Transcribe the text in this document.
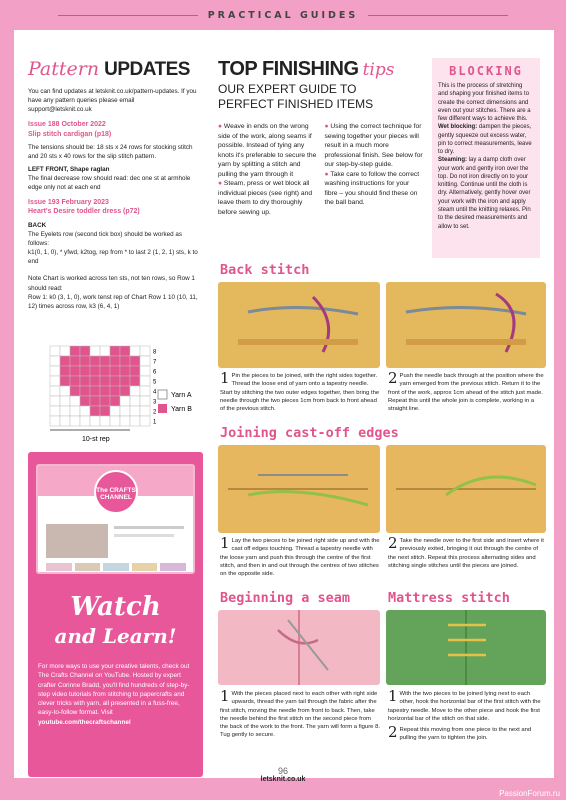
PRACTICAL GUIDES
Pattern UPDATES

You can find updates at letsknit.co.uk/pattern-updates. If you have any pattern queries please email support@letsknit.co.uk

Issue 188 October 2022
Slip stitch cardigan (p18)

The tensions should be: 18 sts x 24 rows for stocking stitch and 20 sts x 40 rows for the slip stitch pattern.

LEFT FRONT, Shape raglan

The final decrease row should read: dec one st at armhole edge only not at each end

Issue 193 February 2023
Heart's Desire toddler dress (p72)

BACK

The Eyelets row (second tick box) should be worked as follows:

k1(0, 1, 0), * yfwd, k2tog, rep from * to last 2 (1, 2, 1) sts, k to end

Note Chart is worked across ten sts, not ten rows, so Row 1 should read:

Row 1: k0 (3, 1, 0), work tenst rep of Chart Row 1 10 (10, 11, 12) times across row, k3 (6, 4, 1)

8
7
6
5
4
3
2
1
10-st rep
Yarn A
Yarn B
The CRAFTS CHANNEL
Watch
and Learn!
For more ways to use your creative talents, check out The Crafts Channel on YouTube. Hosted by expert crafter Corinne Bradd, you'll find hundreds of step-by-step video tutorials from stitching to papercrafts and clever tricks with yarn, all presented in a fuss-free, easy-to-follow format. Visit youtube.com/thecraftschannel
TOP FINISHING tips
OUR EXPERT GUIDE TO
PERFECT FINISHED ITEMS

● Weave in ends on the wrong side of the work, along seams if possible. Instead of tying any knots it's preferable to secure the yarn by splitting a stitch and pulling the yarn through it

● Steam, press or wet block all individual pieces (see right) and leave them to dry thoroughly before sewing up.

● Using the correct technique for sewing together your pieces will result in a much more professional finish. See below for our step-by-step guide.

● Take care to follow the correct washing instructions for your fibre – you should find these on the ball band.

BLOCKING

This is the process of stretching and shaping your finished items to create the correct dimensions and even out your stitches. There are a few different ways to achieve this.

Wet blocking: dampen the pieces, gently squeeze out excess water, pin to correct measurements, leave to dry.

Steaming: lay a damp cloth over your work and gently iron over the top. Do not iron directly on to your knitting. Continue until the cloth is dry. Alternatively, gently hover over your work with the iron and apply steam until the knitting relaxes. Pin to the desired measurements and allow to set.

Back stitch
1 Pin the pieces to be joined, with the right sides together. Thread the loose end of yarn onto a tapestry needle. Start by stitching the two outer edges together, then bring the needle through the two pieces 1cm from back to front ahead of the previous stitch.
2 Push the needle back through at the position where the yarn emerged from the previous stitch. Return it to the front of the work, approx 1cm ahead of the stitch just made. Repeat this until the whole join is complete, working in a straight line.
Joining cast-off edges
1 Lay the two pieces to be joined right side up and with the cast off edges touching. Thread a tapestry needle with the loose yarn and push this through the centre of the first stitch, and then in and out through the centres of two stitches on the opposite side.
2 Take the needle over to the first side and insert where it previously exited, bringing it out through the centre of the next stitch. Repeat this process alternating sides and stitching single stitches until the pieces are joined.
Beginning a seam
1 With the pieces placed next to each other with right side upwards, thread the yarn tail through the fabric after the first stitch, moving the needle from front to back. Then, take the needle behind the first stitch on the second piece from the back of the work to the front. The yarn will form a figure 8. Tug gently to secure.
Mattress stitch
1 With the two pieces to be joined lying next to each other, hook the horizontal bar of the first stitch with the tapestry needle. Move to the other piece and hook the first horizontal bar of the stitch on that side.
2 Repeat this moving from one piece to the next and pulling the yarn to tighten the join.
96
letsknit.co.uk
PassionForum.ru
